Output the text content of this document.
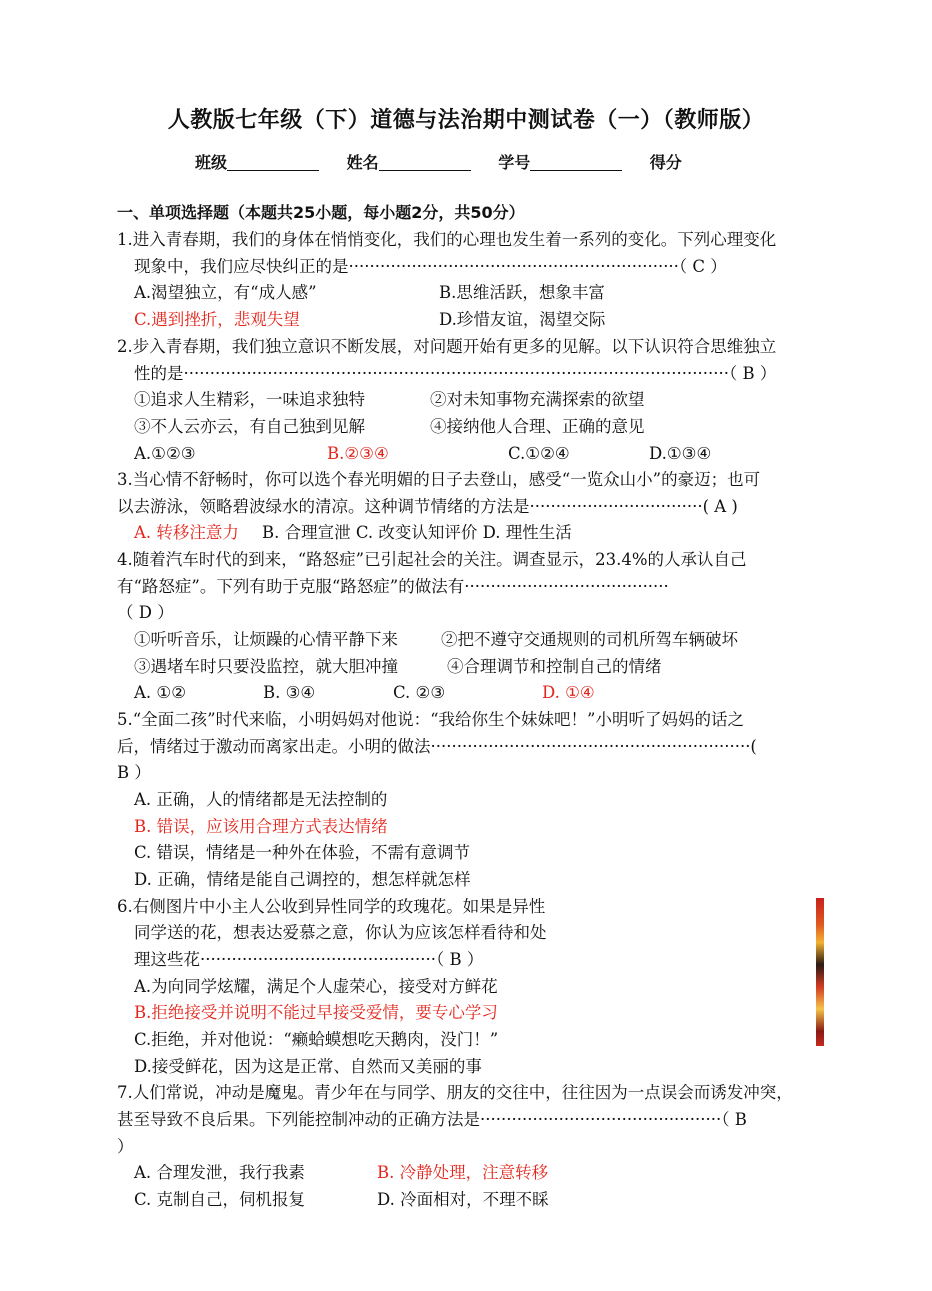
人教版七年级（下）道德与法治期中测试卷（一）（教师版）
班级	姓名	学号	得分
一、单项选择题（本题共25小题，每小题2分，共50分）
1.进入青春期，我们的身体在悄悄变化，我们的心理也发生着一系列的变化。下列心理变化
现象中，我们应尽快纠正的是·······························································（ C ）
A.渴望独立，有“成人感”	B.思维活跃，想象丰富
C.遇到挫折，悲观失望	D.珍惜友谊，渴望交际
2.步入青春期，我们独立意识不断发展，对问题开始有更多的见解。以下认识符合思维独立
性的是········································································································（ B ）
①追求人生精彩，一味追求独特	②对未知事物充满探索的欲望
③不人云亦云，有自己独到见解	④接纳他人合理、正确的意见
A.①②③	B.②③④	C.①②④	D.①③④
3.当心情不舒畅时，你可以选个春光明媚的日子去登山，感受“一览众山小”的豪迈；也可
以去游泳，领略碧波绿水的清凉。这种调节情绪的方法是·································( A )
A. 转移注意力 B. 合理宣泄 C. 改变认知评价 D. 理性生活
4.随着汽车时代的到来，“路怒症”已引起社会的关注。调查显示，23.4%的人承认自己
有“路怒症”。下列有助于克服“路怒症”的做法有·······································
（ D ）
①听听音乐，让烦躁的心情平静下来	②把不遵守交通规则的司机所驾车辆破坏
③遇堵车时只要没监控，就大胆冲撞	④合理调节和控制自己的情绪
A. ①②	B. ③④	C. ②③	D. ①④
5.“全面二孩”时代来临，小明妈妈对他说：“我给你生个妹妹吧！”小明听了妈妈的话之
后，情绪过于激动而离家出走。小明的做法·····························································(
B ）
A. 正确，人的情绪都是无法控制的
B. 错误，应该用合理方式表达情绪
C. 错误，情绪是一种外在体验，不需有意调节
D. 正确，情绪是能自己调控的，想怎样就怎样
6.右侧图片中小主人公收到异性同学的玫瑰花。如果是异性
同学送的花，想表达爱慕之意，你认为应该怎样看待和处
理这些花·············································（ B ）
A.为向同学炫耀，满足个人虚荣心，接受对方鲜花
B.拒绝接受并说明不能过早接受爱情，要专心学习
C.拒绝，并对他说：“癞蛤蟆想吃天鹅肉，没门！”
D.接受鲜花，因为这是正常、自然而又美丽的事
7.人们常说，冲动是魔鬼。青少年在与同学、朋友的交往中，往往因为一点误会而诱发冲突，
甚至导致不良后果。下列能控制冲动的正确方法是··············································（ B
）
A. 合理发泄，我行我素	B. 冷静处理，注意转移
C. 克制自己，伺机报复	D. 冷面相对，不理不睬
